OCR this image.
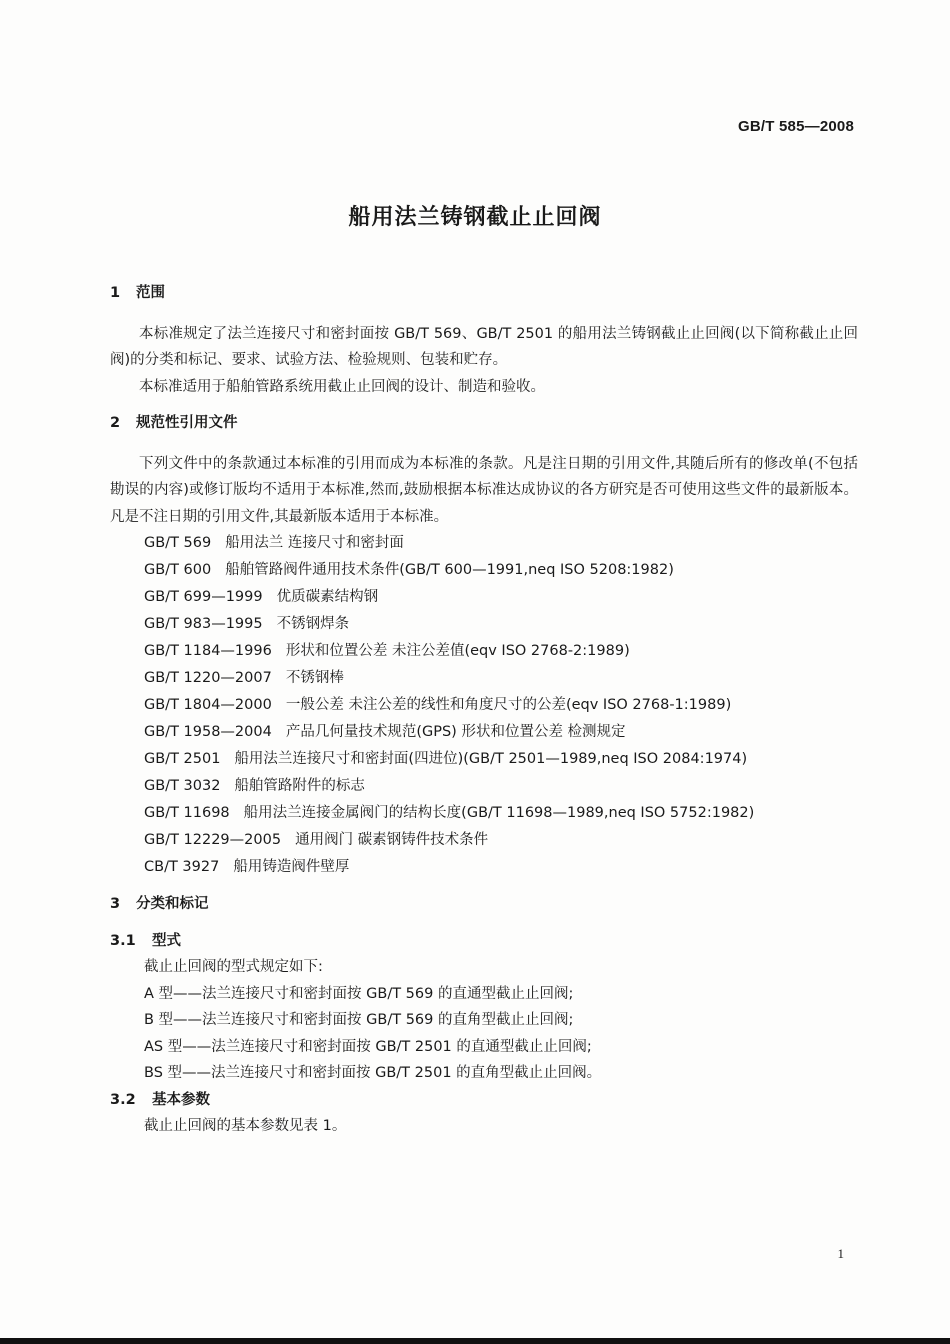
GB/T 585—2008
船用法兰铸钢截止止回阀
1 范围

本标准规定了法兰连接尺寸和密封面按 GB/T 569、GB/T 2501 的船用法兰铸钢截止止回阀(以下简称截止止回阀)的分类和标记、要求、试验方法、检验规则、包装和贮存。

本标准适用于船舶管路系统用截止止回阀的设计、制造和验收。

2 规范性引用文件

下列文件中的条款通过本标准的引用而成为本标准的条款。凡是注日期的引用文件,其随后所有的修改单(不包括勘误的内容)或修订版均不适用于本标准,然而,鼓励根据本标准达成协议的各方研究是否可使用这些文件的最新版本。凡是不注日期的引用文件,其最新版本适用于本标准。

GB/T 569 船用法兰 连接尺寸和密封面
GB/T 600 船舶管路阀件通用技术条件(GB/T 600—1991,neq ISO 5208:1982)
GB/T 699—1999 优质碳素结构钢
GB/T 983—1995 不锈钢焊条
GB/T 1184—1996 形状和位置公差 未注公差值(eqv ISO 2768-2:1989)
GB/T 1220—2007 不锈钢棒
GB/T 1804—2000 一般公差 未注公差的线性和角度尺寸的公差(eqv ISO 2768-1:1989)
GB/T 1958—2004 产品几何量技术规范(GPS) 形状和位置公差 检测规定
GB/T 2501 船用法兰连接尺寸和密封面(四进位)(GB/T 2501—1989,neq ISO 2084:1974)
GB/T 3032 船舶管路附件的标志
GB/T 11698 船用法兰连接金属阀门的结构长度(GB/T 11698—1989,neq ISO 5752:1982)
GB/T 12229—2005 通用阀门 碳素钢铸件技术条件
CB/T 3927 船用铸造阀件壁厚
3 分类和标记
3.1 型式
截止止回阀的型式规定如下:
A 型——法兰连接尺寸和密封面按 GB/T 569 的直通型截止止回阀;
B 型——法兰连接尺寸和密封面按 GB/T 569 的直角型截止止回阀;
AS 型——法兰连接尺寸和密封面按 GB/T 2501 的直通型截止止回阀;
BS 型——法兰连接尺寸和密封面按 GB/T 2501 的直角型截止止回阀。
3.2 基本参数
截止止回阀的基本参数见表 1。
1
